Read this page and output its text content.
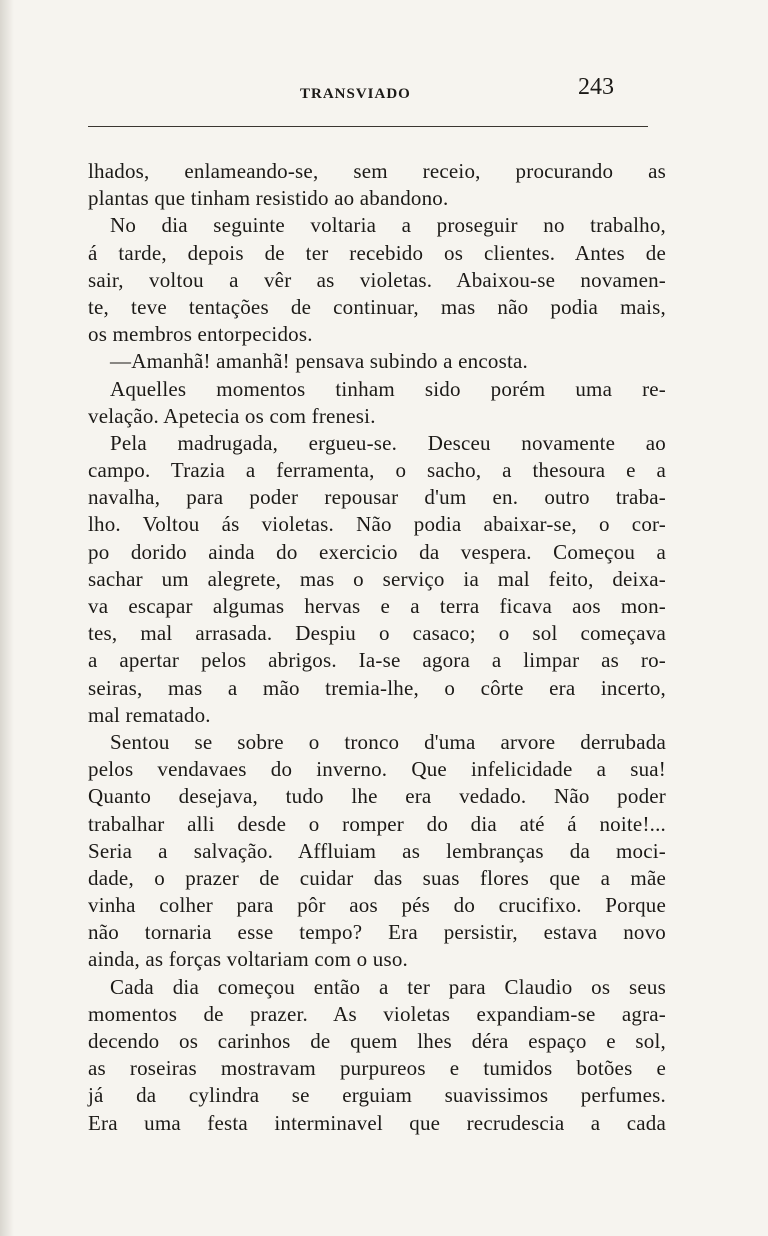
TRANSVIADO	243
lhados, enlameando-se, sem receio, procurando as
plantas que tinham resistido ao abandono.
No dia seguinte voltaria a proseguir no trabalho,
á tarde, depois de ter recebido os clientes. Antes de
sair, voltou a vêr as violetas. Abaixou-se novamen-
te, teve tentações de continuar, mas não podia mais,
os membros entorpecidos.
—Amanhã! amanhã! pensava subindo a encosta.
Aquelles momentos tinham sido porém uma re-
velação. Apetecia os com frenesi.
Pela madrugada, ergueu-se. Desceu novamente ao
campo. Trazia a ferramenta, o sacho, a thesoura e a
navalha, para poder repousar d'um en. outro traba-
lho. Voltou ás violetas. Não podia abaixar-se, o cor-
po dorido ainda do exercicio da vespera. Começou a
sachar um alegrete, mas o serviço ia mal feito, deixa-
va escapar algumas hervas e a terra ficava aos mon-
tes, mal arrasada. Despiu o casaco; o sol começava
a apertar pelos abrigos. Ia-se agora a limpar as ro-
seiras, mas a mão tremia-lhe, o côrte era incerto,
mal rematado.
Sentou se sobre o tronco d'uma arvore derrubada
pelos vendavaes do inverno. Que infelicidade a sua!
Quanto desejava, tudo lhe era vedado. Não poder
trabalhar alli desde o romper do dia até á noite!...
Seria a salvação. Affluiam as lembranças da moci-
dade, o prazer de cuidar das suas flores que a mãe
vinha colher para pôr aos pés do crucifixo. Porque
não tornaria esse tempo? Era persistir, estava novo
ainda, as forças voltariam com o uso.
Cada dia começou então a ter para Claudio os seus
momentos de prazer. As violetas expandiam-se agra-
decendo os carinhos de quem lhes déra espaço e sol,
as roseiras mostravam purpureos e tumidos botões e
já da cylindra se erguiam suavissimos perfumes.
Era uma festa interminavel que recrudescia a cada
